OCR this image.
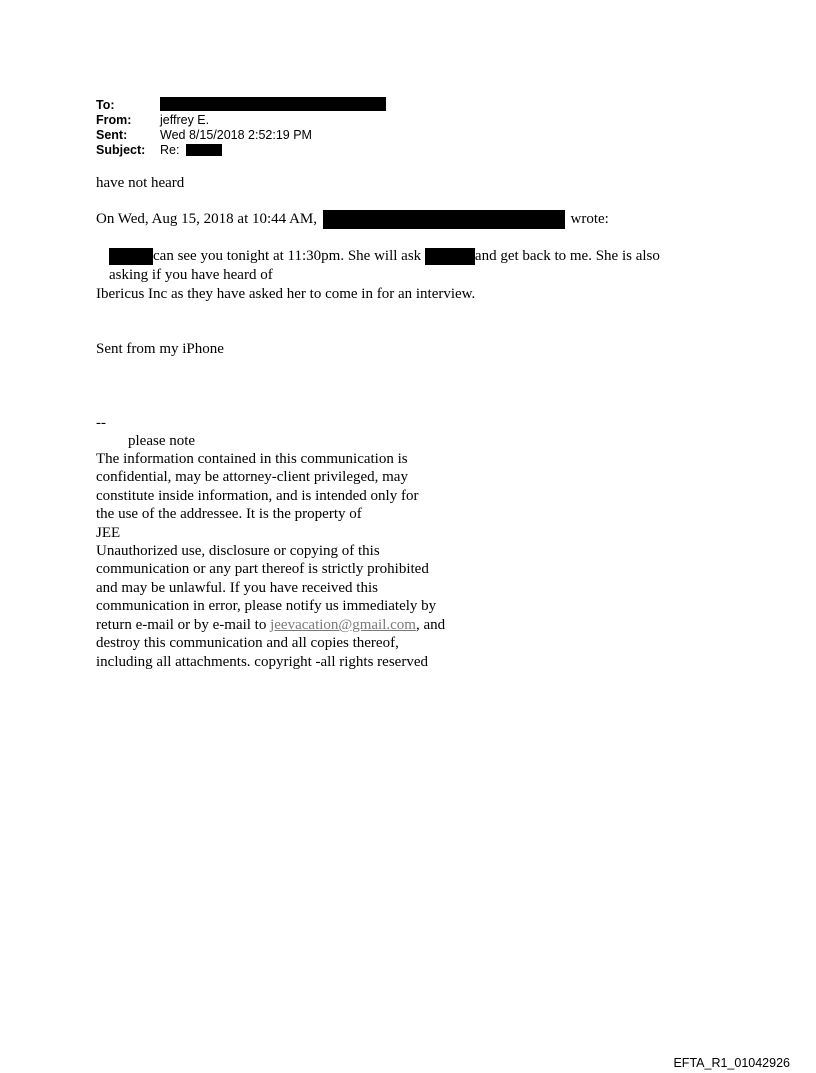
To:
From: jeffrey E.
Sent:	Wed 8/15/2018 2:52:19 PM
Subject: Re:
have not heard
On Wed, Aug 15, 2018 at 10:44 AM,	wrote:
can see you tonight at 11:30pm. She will ask	and get back to me. She is also
asking if you have heard of
Ibericus Inc as they have asked her to come in for an interview.
Sent from my iPhone
--
please note
The information contained in this communication is
confidential, may be attorney-client privileged, may
constitute inside information, and is intended only for
the use of the addressee. It is the property of
JEE
Unauthorized use, disclosure or copying of this
communication or any part thereof is strictly prohibited
and may be unlawful. If you have received this
communication in error, please notify us immediately by
return e-mail or by e-mail to jeevacation@gmail.com, and
destroy this communication and all copies thereof,
including all attachments. copyright -all rights reserved
EFTA_R1_01042926
